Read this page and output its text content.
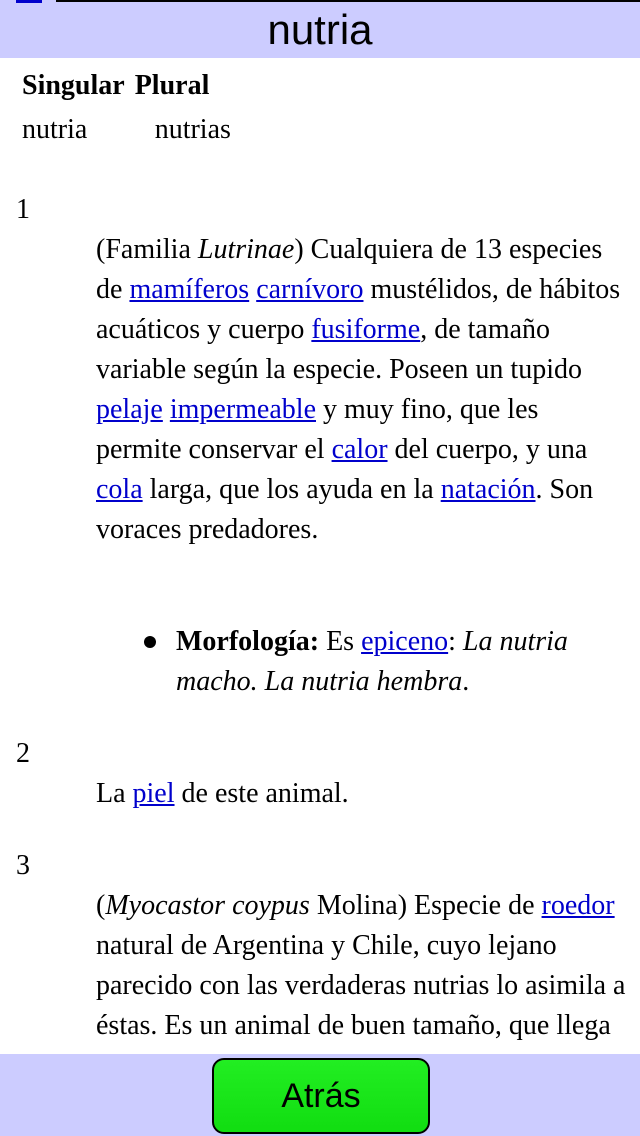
nutria
Singular	Plural
nutria	nutrias
1
(Familia Lutrinae) Cualquiera de 13 especies de mamíferos carnívoro mustélidos, de hábitos acuáticos y cuerpo fusiforme, de tamaño variable según la especie. Poseen un tupido pelaje impermeable y muy fino, que les permite conservar el calor del cuerpo, y una cola larga, que los ayuda en la natación. Son voraces predadores.
Morfología: Es epiceno: La nutria macho. La nutria hembra.
2
La piel de este animal.
3
(Myocastor coypus Molina) Especie de roedor natural de Argentina y Chile, cuyo lejano parecido con las verdaderas nutrias lo asimila a éstas. Es un animal de buen tamaño, que llega
Atrás
